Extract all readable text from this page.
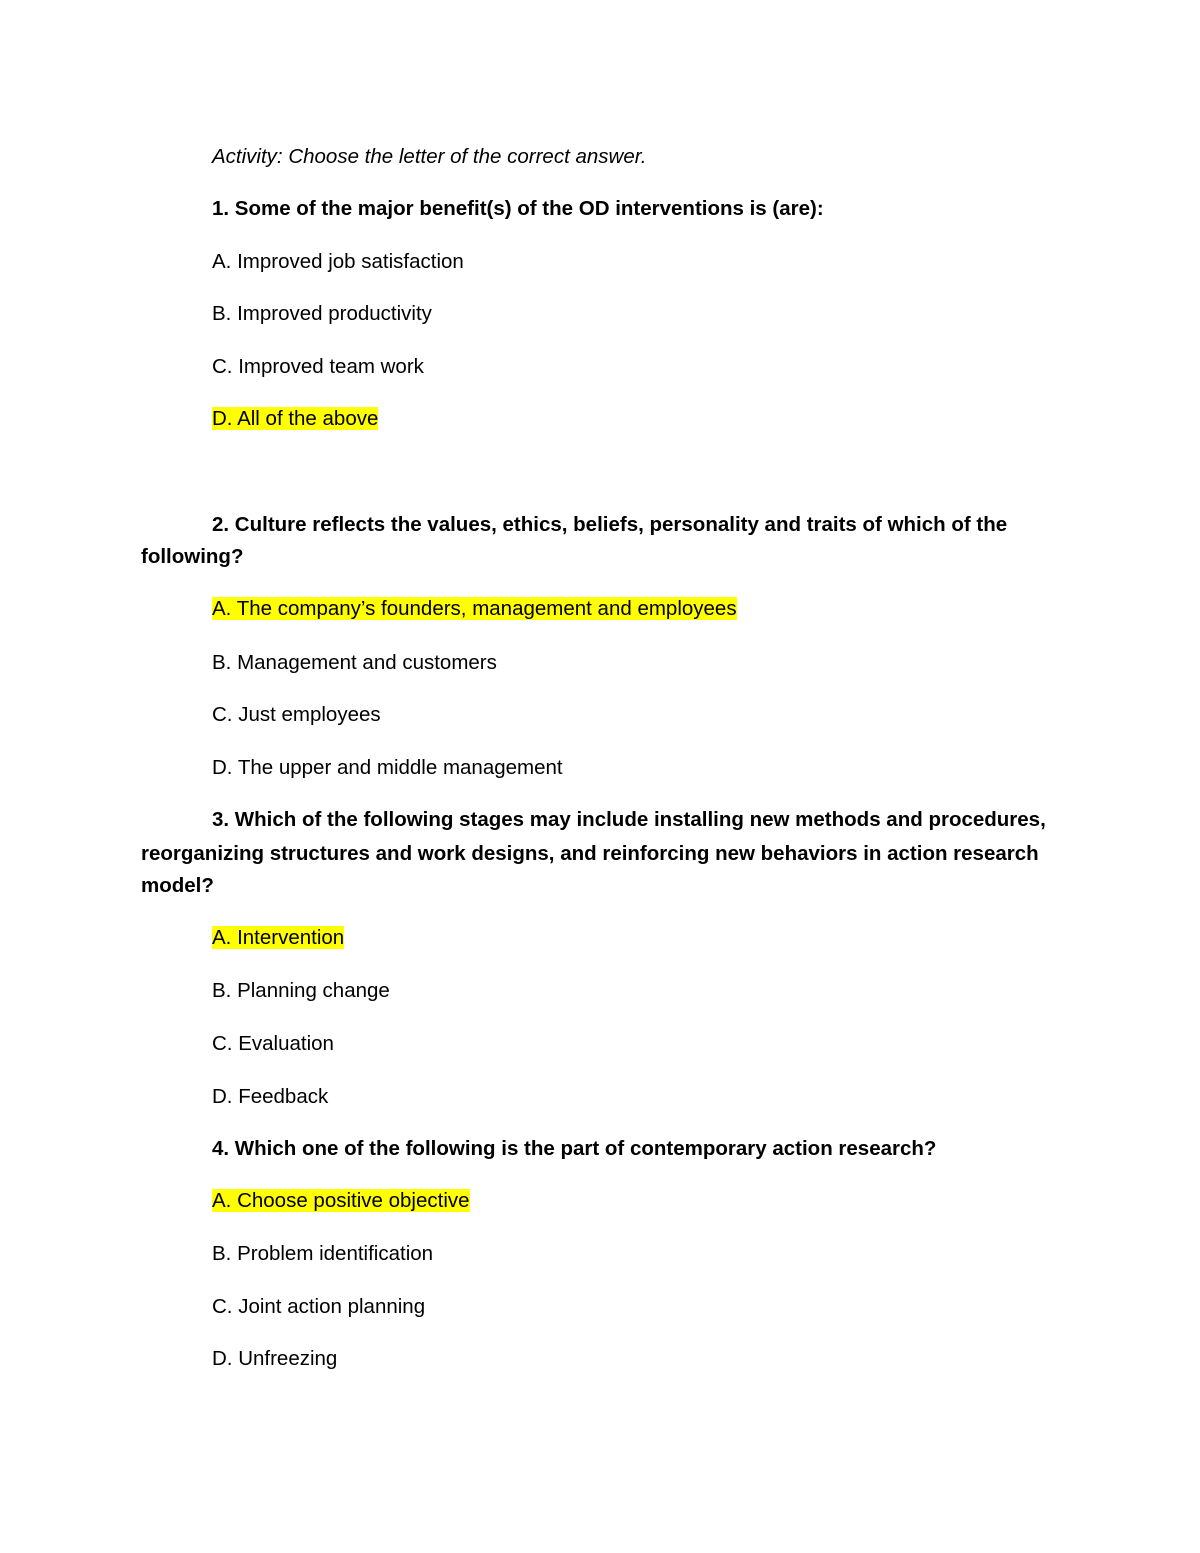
Activity: Choose the letter of the correct answer.
1. Some of the major benefit(s) of the OD interventions is (are):
A. Improved job satisfaction
B. Improved productivity
C. Improved team work
D. All of the above
2. Culture reflects the values, ethics, beliefs, personality and traits of which of the
following?
A. The company’s founders, management and employees
B. Management and customers
C. Just employees
D. The upper and middle management
3. Which of the following stages may include installing new methods and procedures,
reorganizing structures and work designs, and reinforcing new behaviors in action research
model?
A. Intervention
B. Planning change
C. Evaluation
D. Feedback
4. Which one of the following is the part of contemporary action research?
A. Choose positive objective
B. Problem identification
C. Joint action planning
D. Unfreezing
